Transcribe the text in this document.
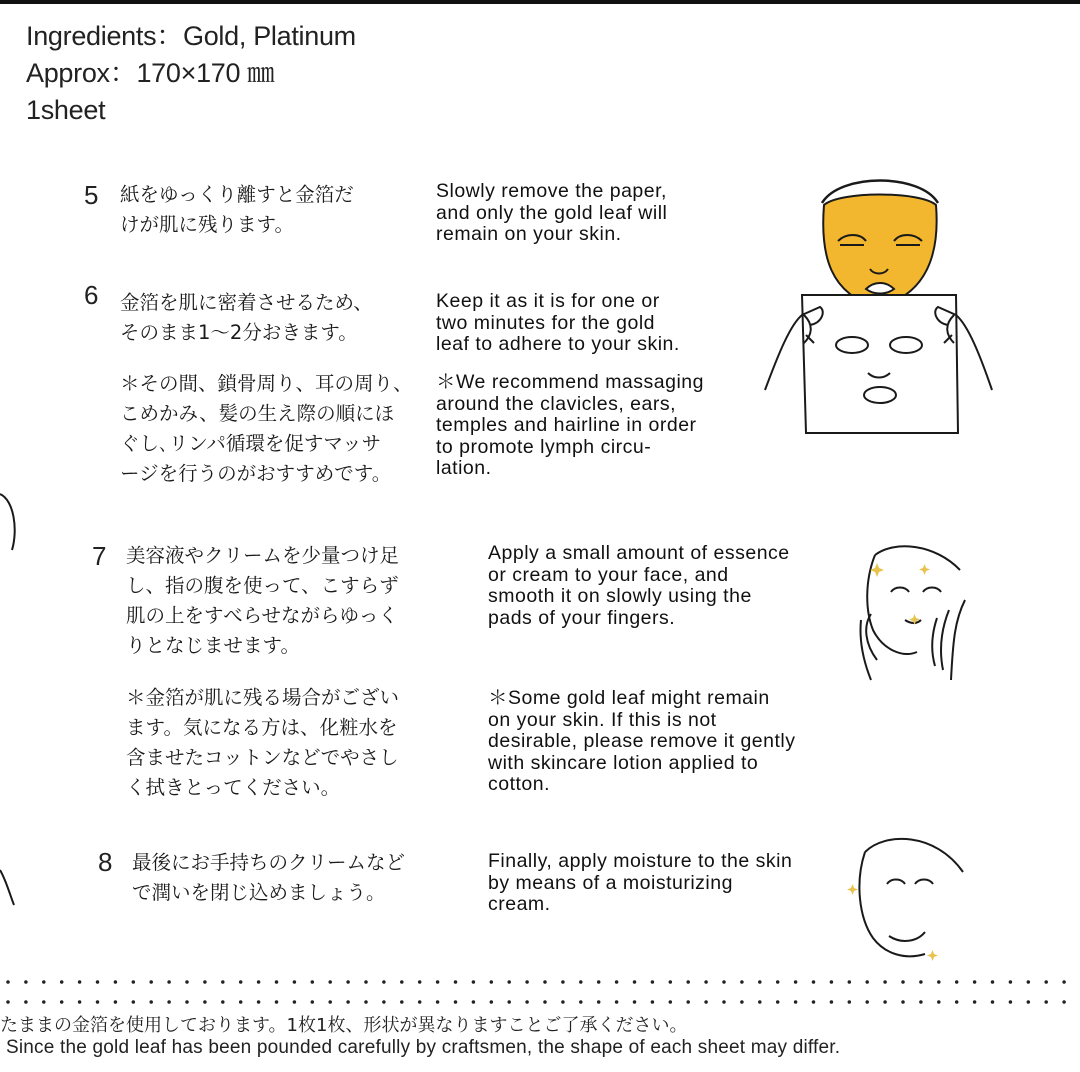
Ingredients：Gold, Platinum
Approx：170×170 ㎜
1sheet
5 紙をゆっくり離すと金箔だ
けが肌に残ります。
Slowly remove the paper,
and only the gold leaf will
remain on your skin.
6 金箔を肌に密着させるため、
そのまま1～2分おきます。
Keep it as it is for one or
two minutes for the gold
leaf to adhere to your skin.
＊その間、鎖骨周り、耳の周り、
こめかみ、髪の生え際の順にほ
ぐし､リンパ循環を促すマッサ
ージを行うのがおすすめです。
＊We recommend massaging
around the clavicles, ears,
temples and hairline in order
to promote lymph circu-
lation.
7 美容液やクリームを少量つけ足
し、指の腹を使って、こすらず
肌の上をすべらせながらゆっく
りとなじませます。
Apply a small amount of essence
or cream to your face, and
smooth it on slowly using the
pads of your fingers.
＊金箔が肌に残る場合がござい
ます。気になる方は、化粧水を
含ませたコットンなどでやさし
く拭きとってください。
＊Some gold leaf might remain
on your skin. If this is not
desirable, please remove it gently
with skincare lotion applied to
cotton.
8 最後にお手持ちのクリームなど
で潤いを閉じ込めましょう。
Finally, apply moisture to the skin
by means of a moisturizing
cream.
たままの金箔を使用しております。1枚1枚、形状が異なりますことご了承ください。
Since the gold leaf has been pounded carefully by craftsmen, the shape of each sheet may differ.
